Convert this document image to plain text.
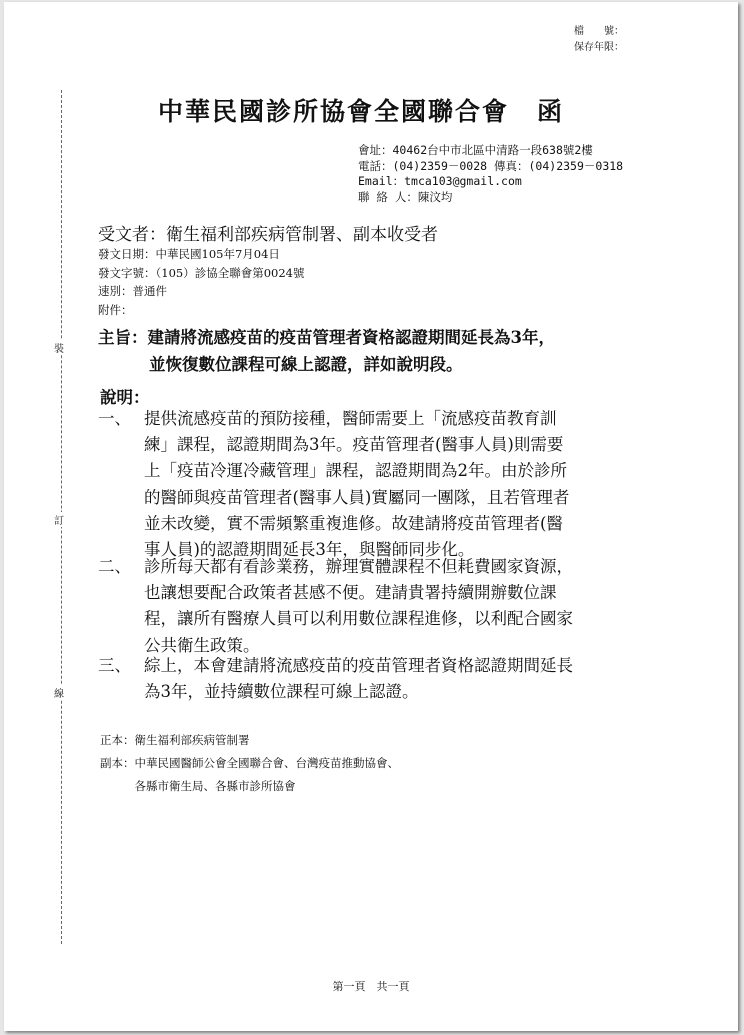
檔　　號：
保存年限：
裝
訂
線
中華民國診所協會全國聯合會 函
會址：40462台中市北區中清路一段638號2樓
電話：(04)2359－0028 傳真：(04)2359－0318
Email：tmca103@gmail.com
聯 絡 人：陳汶均
受文者：衛生福利部疾病管制署、副本收受者
發文日期：中華民國105年7月04日
發文字號：（105）診協全聯會第0024號
速別：普通件
附件：
主旨：建請將流感疫苗的疫苗管理者資格認證期間延長為3年，
並恢復數位課程可線上認證，詳如說明段。
說明：
一、 提供流感疫苗的預防接種，醫師需要上「流感疫苗教育訓
練」課程，認證期間為3年。疫苗管理者(醫事人員)則需要
上「疫苗冷運冷藏管理」課程，認證期間為2年。由於診所
的醫師與疫苗管理者(醫事人員)實屬同一團隊，且若管理者
並未改變，實不需頻繁重複進修。故建請將疫苗管理者(醫
事人員)的認證期間延長3年，與醫師同步化。
二、 診所每天都有看診業務，辦理實體課程不但耗費國家資源，
也讓想要配合政策者甚感不便。建請貴署持續開辦數位課
程，讓所有醫療人員可以利用數位課程進修，以利配合國家
公共衛生政策。
三、 綜上，本會建請將流感疫苗的疫苗管理者資格認證期間延長
為3年，並持續數位課程可線上認證。
正本：衛生福利部疾病管制署
副本：中華民國醫師公會全國聯合會、台灣疫苗推動協會、
　　　各縣市衛生局、各縣市診所協會
第一頁　共一頁
